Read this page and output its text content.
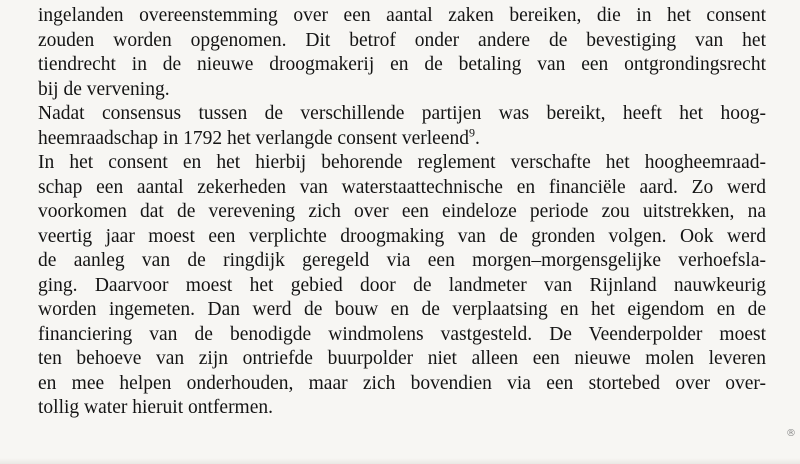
ingelanden overeenstemming over een aantal zaken bereiken, die in het consent
zouden worden opgenomen. Dit betrof onder andere de bevestiging van het
tiendrecht in de nieuwe droogmakerij en de betaling van een ontgrondingsrecht
bij de vervening.
Nadat consensus tussen de verschillende partijen was bereikt, heeft het hoog-
heemraadschap in 1792 het verlangde consent verleend$^9$.
In het consent en het hierbij behorende reglement verschafte het hoogheemraad-
schap een aantal zekerheden van waterstaattechnische en financiële aard. Zo werd
voorkomen dat de verevening zich over een eindeloze periode zou uitstrekken, na
veertig jaar moest een verplichte droogmaking van de gronden volgen. Ook werd
de aanleg van de ringdijk geregeld via een morgen–morgensgelijke verhoefsla-
ging. Daarvoor moest het gebied door de landmeter van Rijnland nauwkeurig
worden ingemeten. Dan werd de bouw en de verplaatsing en het eigendom en de
financiering van de benodigde windmolens vastgesteld. De Veenderpolder moest
ten behoeve van zijn ontriefde buurpolder niet alleen een nieuwe molen leveren
en mee helpen onderhouden, maar zich bovendien via een stortebed over over-
tollig water hieruit ontfermen.
®
